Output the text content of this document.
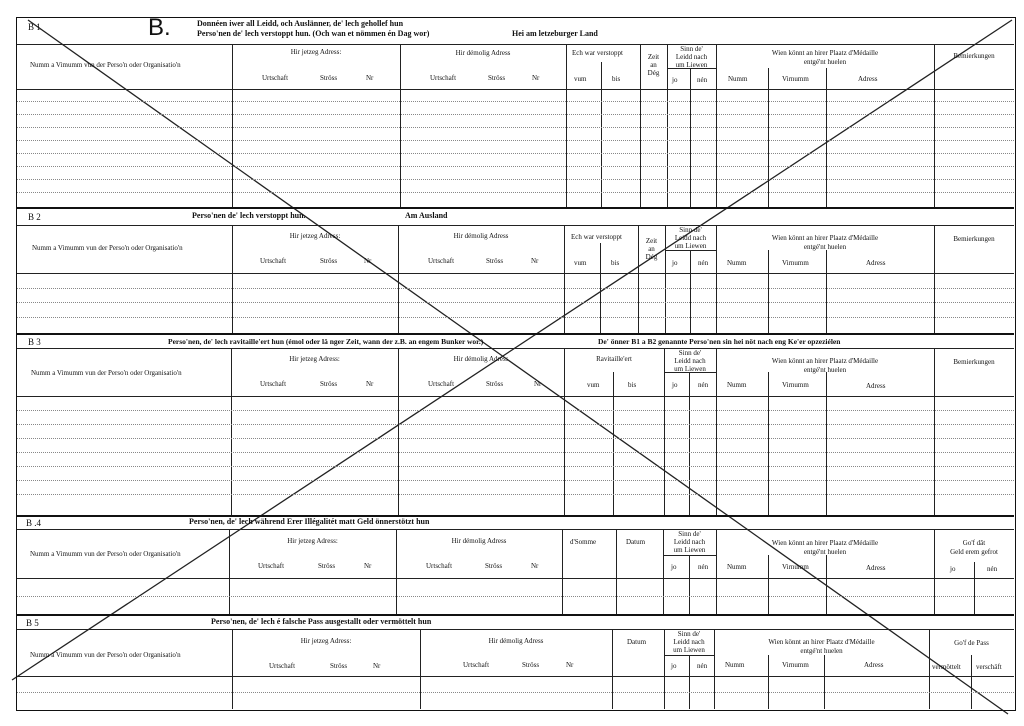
B.
B 1	Donnéen iwer all Leidd, och Auslänner, de' lech gehollef hun
Perso'nen de' lech verstoppt hun. (Och wan et nömmen én Dag wor)	Hei am letzeburger Land
Numm a Vimumm vun der Perso'n oder Organisatio'n
Hir jetzeg Adress:
Urtschaft	Ströss	Nr
Hir démolig Adress
Urtschaft	Ströss	Nr
Ech war verstoppt
vum	bis
Zeit
an
Dég
Sinn de'
Leidd nach
um Liewen
jo	nén
Wien könnt an hirer Plaatz d'Médaille
entgé'nt huelen
Numm	Virnumm	Adress
Bemierkungen
B 2	Perso'nen de' lech verstoppt hun.	Am Ausland
Numm a Vimumm vun der Perso'n oder Organisatio'n
Hir jetzeg Adress:
Urtschaft	Ströss	Nr
Hir démolig Adress
Urtschaft	Ströss	Nr
Ech war verstoppt
vum	bis
Zeit
an
Dég
Sinn de'
Leidd nach
um Liewen
jo	nén
Wien könnt an hirer Plaatz d'Médaille
entgé'nt huelen
Numm	Virnumm	Adress
Bemierkungen
B 3	Perso'nen, de' lech ravitaille'ert hun (émol oder lä nger Zeit, wann der z.B. an engem Bunker wor.)	De' önner B1 a B2 genannte Perso'nen sin hei nöt nach eng Ke'er opzeziélen
Numm a Vimumm vun der Perso'n oder Organisatio'n
Hir jetzeg Adress:
Urtschaft	Ströss	Nr
Hir démolig Adress
Urtschaft	Ströss	Nr
Ravitaille'ert
vum	bis
Sinn de'
Leidd nach
um Liewen
jo	nén
Wien könnt an hirer Plaatz d'Médaille
entgé'nt huelen
Numm	Virnumm	Adress
Bemierkungen
B .4	Perso'nen, de' lech während Erer Illégalitét matt Geld önnerstötzt hun
Numm a Vimumm vun der Perso'n oder Organisatio'n
Hir jetzeg Adress:
Urtschaft	Ströss	Nr
Hir démolig Adress
Urtschaft	Ströss	Nr
d'Somme	Datum
Sinn de'
Leidd nach
um Liewen
jo	nén
Wien könnt an hirer Plaatz d'Médaille
entgé'nt huelen
Numm	Virnumm	Adress
Go'f dât
Geld erem gefrot
jo	nén
B 5	Perso'nen, de' lech é falsche Pass ausgestallt oder vermöttelt hun
Numm a Vimumm vun der Perso'n oder Organisatio'n
Hir jetzeg Adress:
Urtschaft	Ströss	Nr
Hir démolig Adress
Urtschaft	Ströss	Nr
Datum
Sinn de'
Leidd nach
um Liewen
jo	nén
Wien könnt an hirer Plaatz d'Médaille
entgé'nt huelen
Numm	Virnumm	Adress
Go'f de Pass
vermöttelt verschäft
